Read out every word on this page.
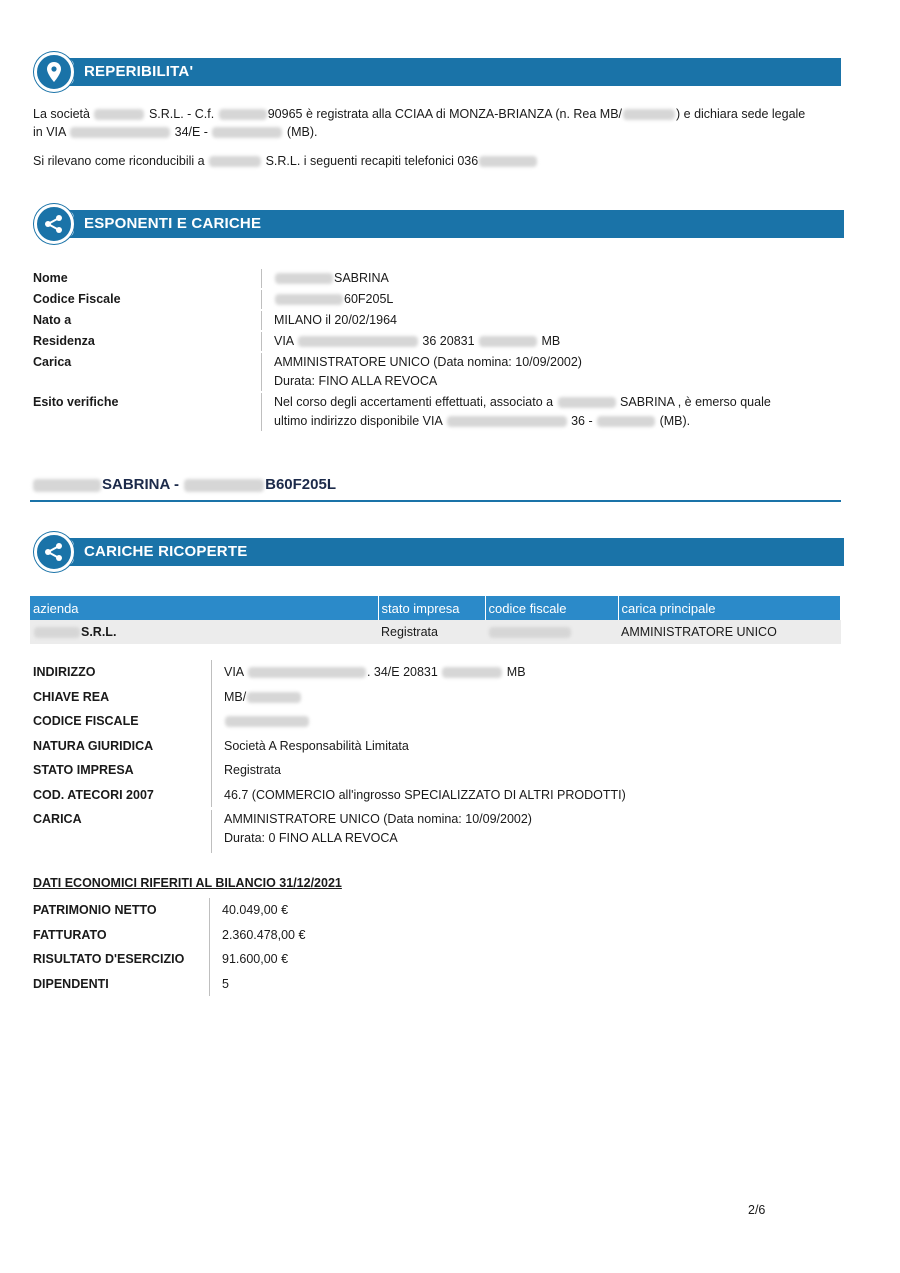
REPERIBILITA'
La società	S.R.L. - C.f.	90965 è registrata alla CCIAA di MONZA-BRIANZA (n. Rea MB/	) e dichiara sede legale
in VIA	34/E -	(MB).
Si rilevano come riconducibili a	S.R.L. i seguenti recapiti telefonici 036
ESPONENTI E CARICHE
Nome	SABRINA
Codice Fiscale	60F205L
Nato a	MILANO il 20/02/1964
Residenza	VIA	36 20831	MB
Carica	AMMINISTRATORE UNICO (Data nomina: 10/09/2002)
Durata: FINO ALLA REVOCA
Esito verifiche	Nel corso degli accertamenti effettuati, associato a	SABRINA , è emerso quale
ultimo indirizzo disponibile VIA	36 -	(MB).
SABRINA -	B60F205L
CARICHE RICOPERTE
azienda	stato impresa	codice fiscale	carica principale
S.R.L.	Registrata		AMMINISTRATORE UNICO
INDIRIZZO	VIA	. 34/E 20831	MB
CHIAVE REA	MB/
CODICE FISCALE
NATURA GIURIDICA	Società A Responsabilità Limitata
STATO IMPRESA	Registrata
COD. ATECORI 2007	46.7 (COMMERCIO all'ingrosso SPECIALIZZATO DI ALTRI PRODOTTI)
CARICA	AMMINISTRATORE UNICO (Data nomina: 10/09/2002)
Durata: 0 FINO ALLA REVOCA
DATI ECONOMICI RIFERITI AL BILANCIO 31/12/2021
PATRIMONIO NETTO	40.049,00 €
FATTURATO	2.360.478,00 €
RISULTATO D'ESERCIZIO	91.600,00 €
DIPENDENTI	5
2/6
